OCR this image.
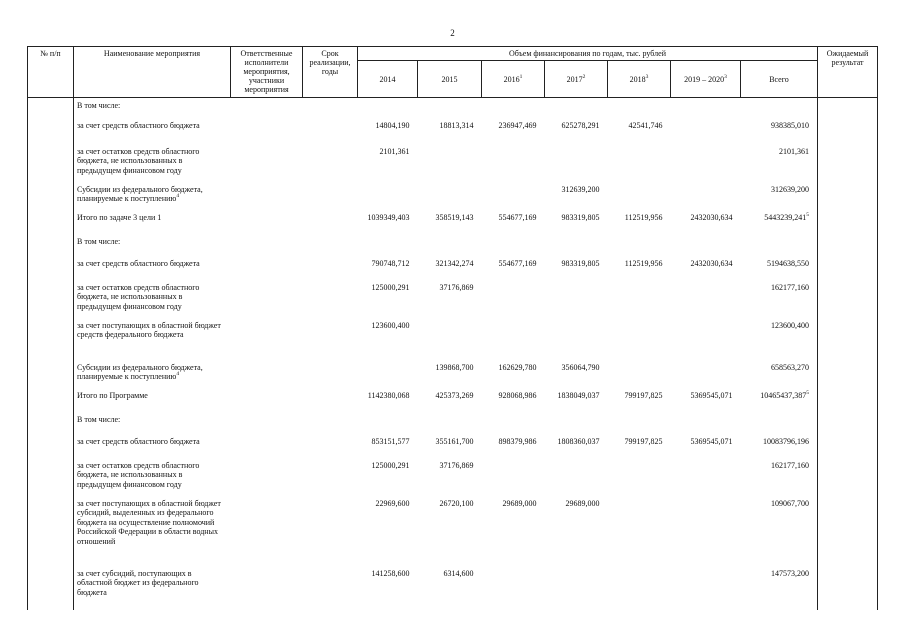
2
№ п/п	Наименование мероприятия	Ответственные исполнители мероприятия, участники мероприятия	Срок реализации, годы	Объем финансирования по годам, тыс. рублей							Ожидаемый результат
				2014	2015	2016$^1$	2017$^2$	2018$^3$	2019 – 2020$^3$	Всего	
	В том числе:										
	за счет средств областного бюджета			14804,190	18813,314	236947,469	625278,291	42541,746		938385,010	
	за счет остатков средств областного бюджета, не использованных в предыдущем финансовом году			2101,361						2101,361	
	Субсидии из федерального бюджета, планируемые к поступлению$^4$						312639,200			312639,200	
	Итого по задаче 3 цели 1			1039349,403	358519,143	554677,169	983319,805	112519,956	2432030,634	5443239,241$^5$	
	В том числе:										
	за счет средств областного бюджета			790748,712	321342,274	554677,169	983319,805	112519,956	2432030,634	5194638,550	
	за счет остатков средств областного бюджета, не использованных в предыдущем финансовом году			125000,291	37176,869					162177,160	
	за счет поступающих в областной бюджет средств федерального бюджета			123600,400						123600,400	
	Субсидии из федерального бюджета, планируемые к поступлению$^4$				139868,700	162629,780	356064,790			658563,270	
	Итого по Программе			1142380,068	425373,269	928068,986	1838049,037	799197,825	5369545,071	10465437,387$^5$	
	В том числе:										
	за счет средств областного бюджета			853151,577	355161,700	898379,986	1808360,037	799197,825	5369545,071	10083796,196	
	за счет остатков средств областного бюджета, не использованных в предыдущем финансовом году			125000,291	37176,869					162177,160	
	за счет поступающих в областной бюджет субсидий, выделенных из федерального бюджета на осуществление полномочий Российской Федерации в области водных отношений			22969,600	26720,100	29689,000	29689,000			109067,700	
	за счет субсидий, поступающих в областной бюджет из федерального бюджета			141258,600	6314,600					147573,200	
